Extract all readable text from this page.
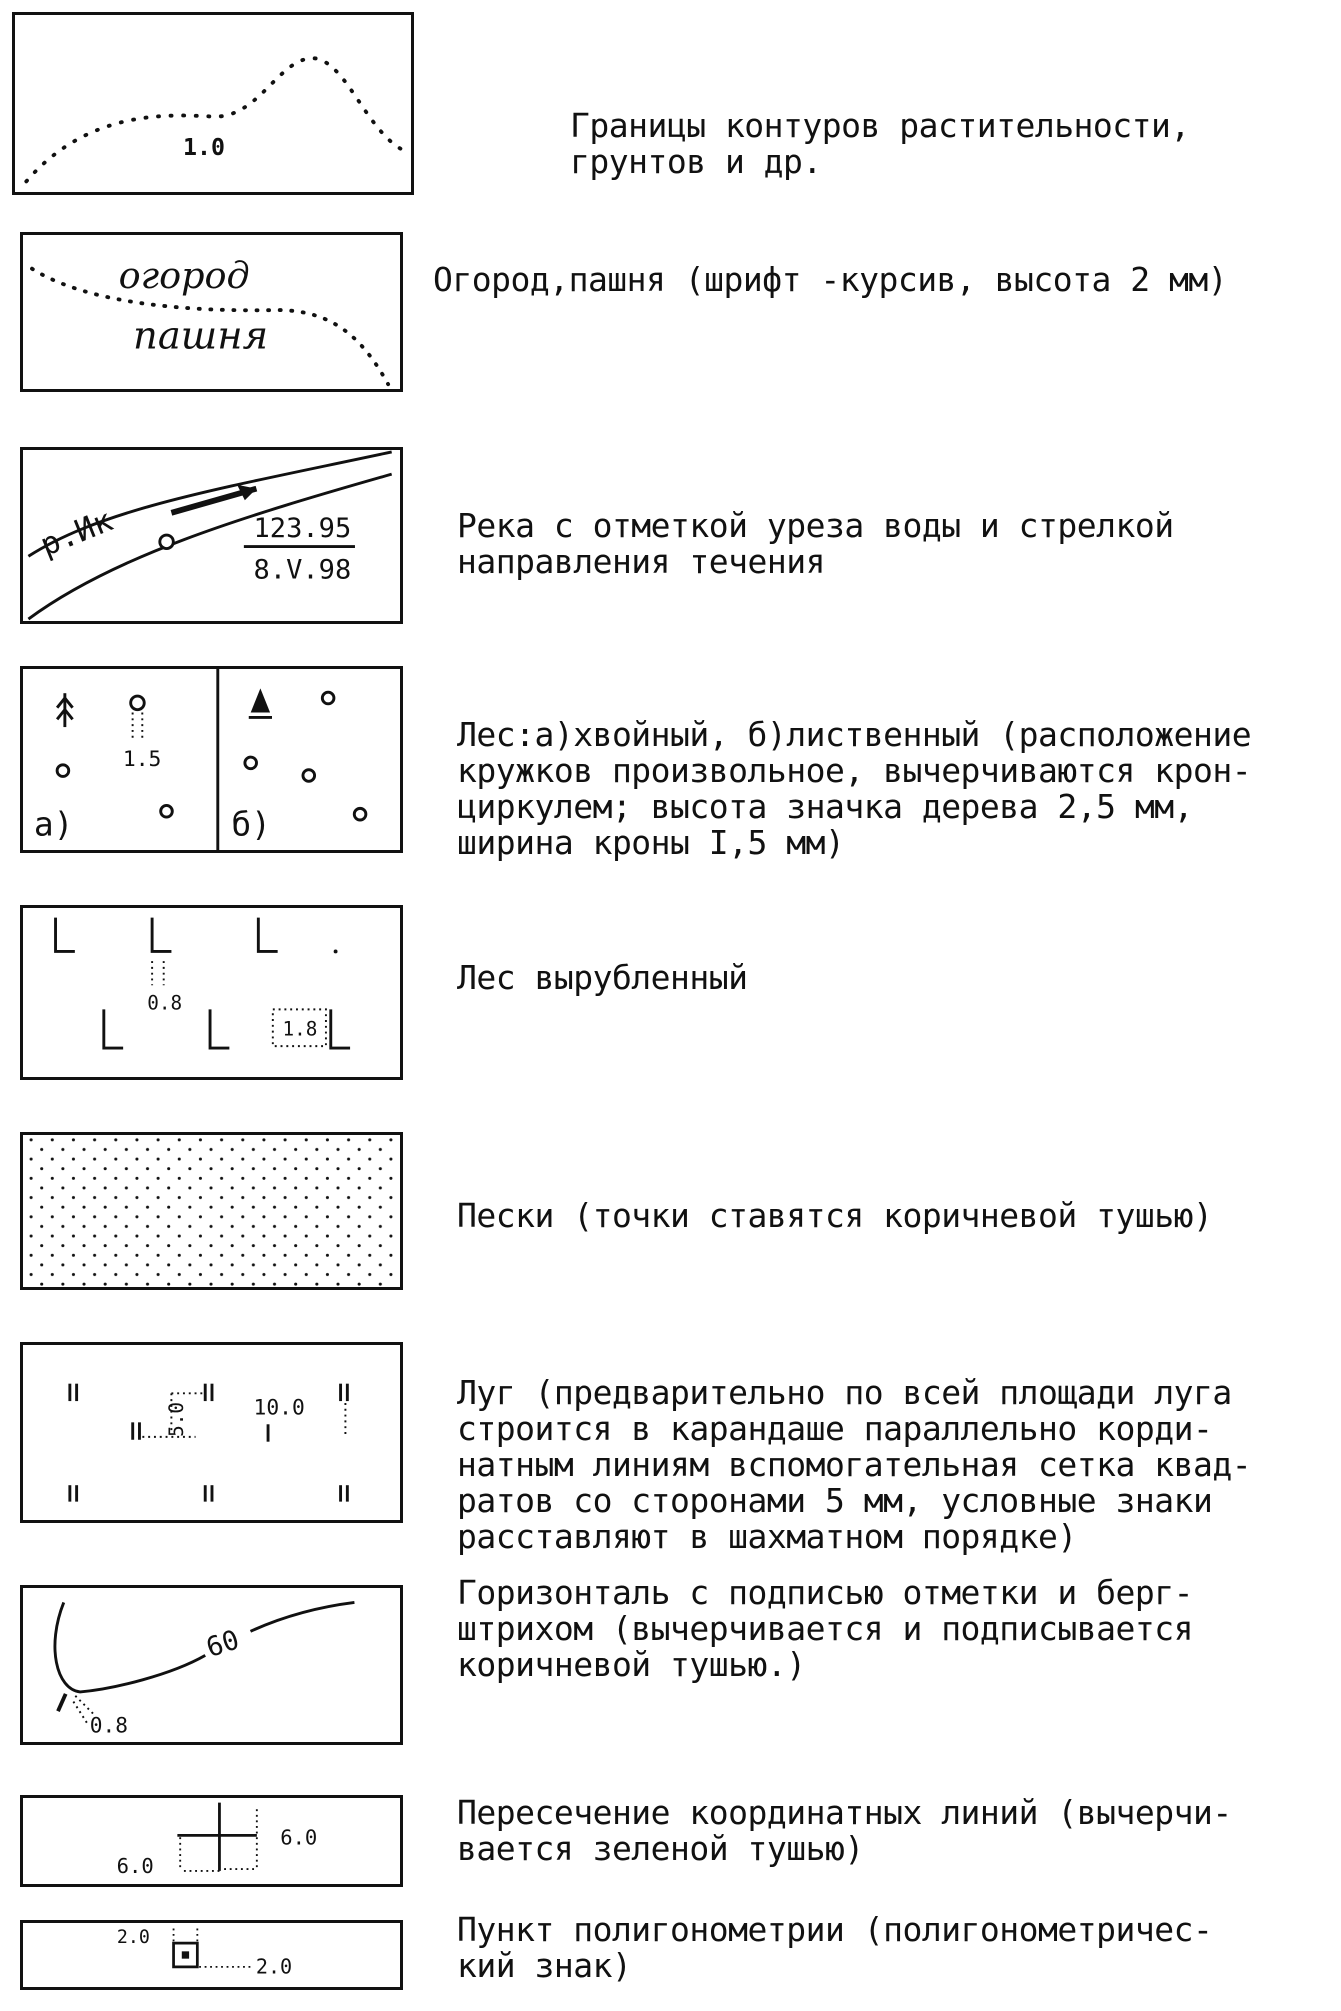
1.0
Границы контуров растительности,
грунтов и др.
огород
пашня
Огород,пашня (шрифт -курсив, высота 2 мм)
р.Ик	123.95
8.V.98
Река с отметкой уреза воды и стрелкой
направления течения
1.5
а)	б)
Лес:а)хвойный, б)лиственный (расположение
кружков произвольное, вычерчиваются крон-
циркулем; высота значка дерева 2,5 мм,
ширина кроны I,5 мм)
0.8
1.8
Лес вырубленный
Пески (точки ставятся коричневой тушью)
5.0	10.0	Луг (предварительно по всей площади луга
строится в карандаше параллельно корди-
натным линиям вспомогательная сетка квад-
ратов со сторонами 5 мм, условные знаки
расставляют в шахматном порядке)
60
0.8
Горизонталь с подписью отметки и берг-
штрихом (вычерчивается и подписывается
коричневой тушью.)
6.0
6.0
Пересечение координатных линий (вычерчи-
вается зеленой тушью)
2.0
2.0
Пункт полигонометрии (полигонометричес-
кий знак)
